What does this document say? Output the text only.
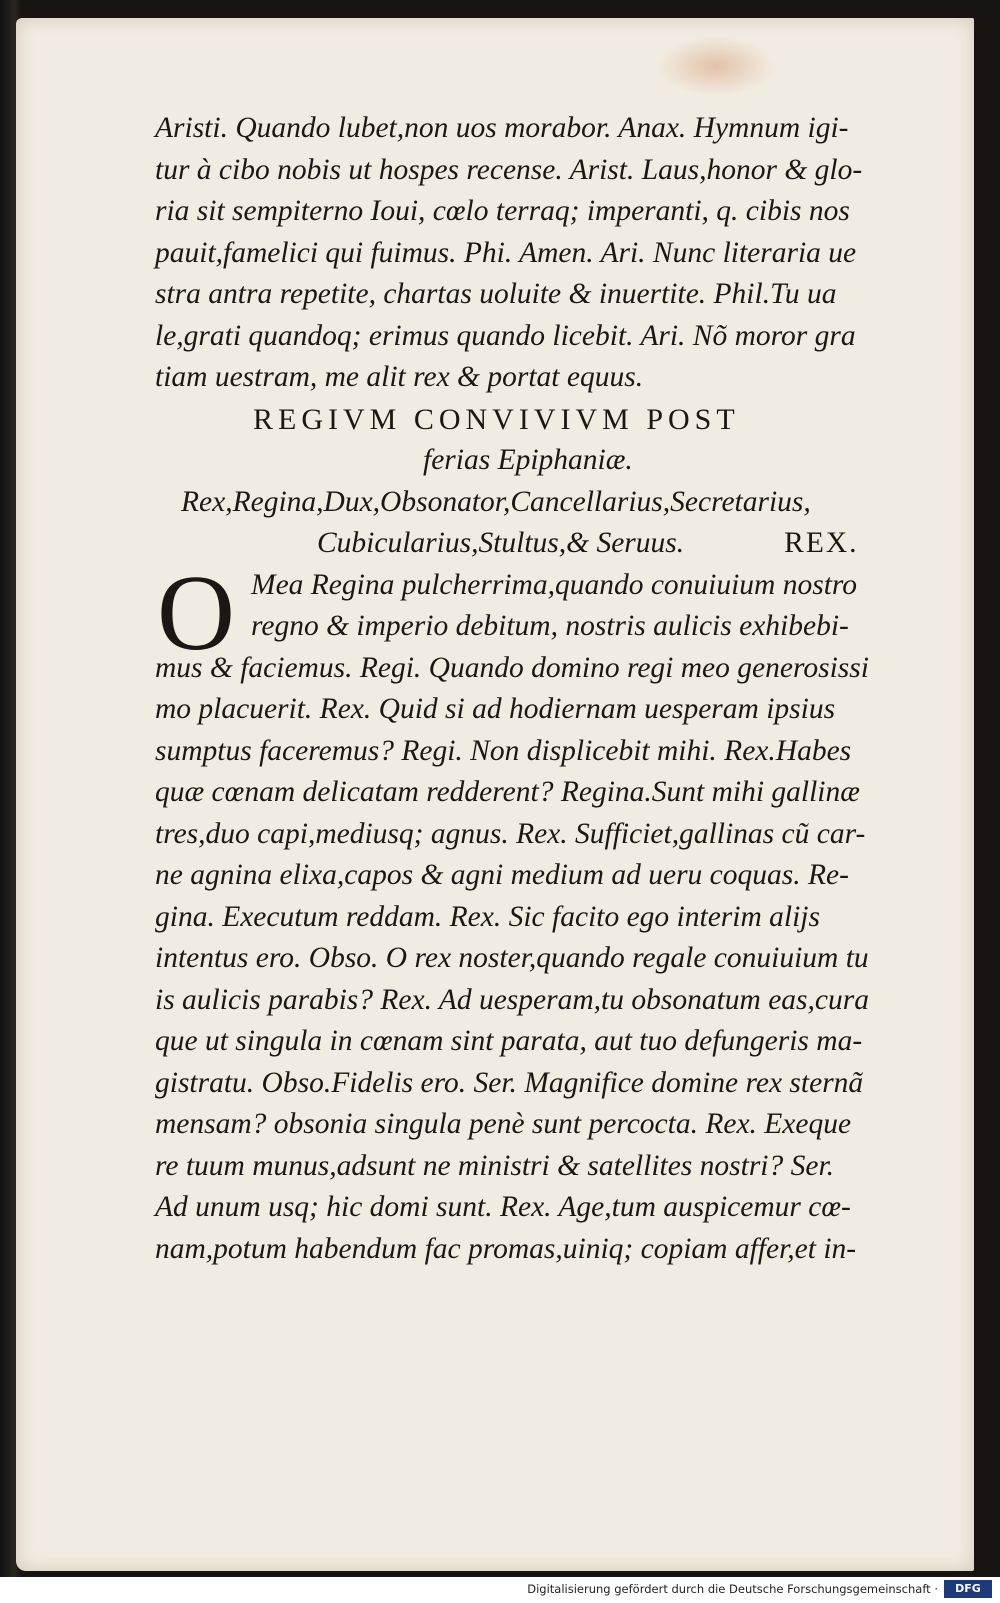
Aristi. Quando lubet,non uos morabor. Anax. Hymnum igi-
tur à cibo nobis ut hospes recense. Arist. Laus,honor & glo-
ria sit sempiterno Ioui, cœlo terraq; imperanti, q. cibis nos
pauit,famelici qui fuimus. Phi. Amen. Ari. Nunc literaria ue
stra antra repetite, chartas uoluite & inuertite. Phil.Tu ua
le,grati quandoq; erimus quando licebit. Ari. Nõ moror gra
tiam uestram, me alit rex & portat equus.
REGIVM CONVIVIVM POST
ferias Epiphaniæ.
Rex,Regina,Dux,Obsonator,Cancellarius,Secretarius,
Cubicularius,Stultus,& Seruus.	REX.
O Mea Regina pulcherrima,quando conuiuium nostro
regno & imperio debitum, nostris aulicis exhibebi-
mus & faciemus. Regi. Quando domino regi meo generosissi
mo placuerit. Rex. Quid si ad hodiernam uesperam ipsius
sumptus faceremus? Regi. Non displicebit mihi. Rex.Habes
quæ cœnam delicatam redderent? Regina.Sunt mihi gallinæ
tres,duo capi,mediusq; agnus. Rex. Sufficiet,gallinas cũ car-
ne agnina elixa,capos & agni medium ad ueru coquas. Re-
gina. Executum reddam. Rex. Sic facito ego interim alijs
intentus ero. Obso. O rex noster,quando regale conuiuium tu
is aulicis parabis? Rex. Ad uesperam,tu obsonatum eas,cura
que ut singula in cœnam sint parata, aut tuo defungeris ma-
gistratu. Obso.Fidelis ero. Ser. Magnifice domine rex sternã
mensam? obsonia singula penè sunt percocta. Rex. Exeque
re tuum munus,adsunt ne ministri & satellites nostri? Ser.
Ad unum usq; hic domi sunt. Rex. Age,tum auspicemur cœ-
nam,potum habendum fac promas,uiniq; copiam affer,et in-
Digitalisierung gefördert durch die Deutsche Forschungsgemeinschaft ·	DFG
